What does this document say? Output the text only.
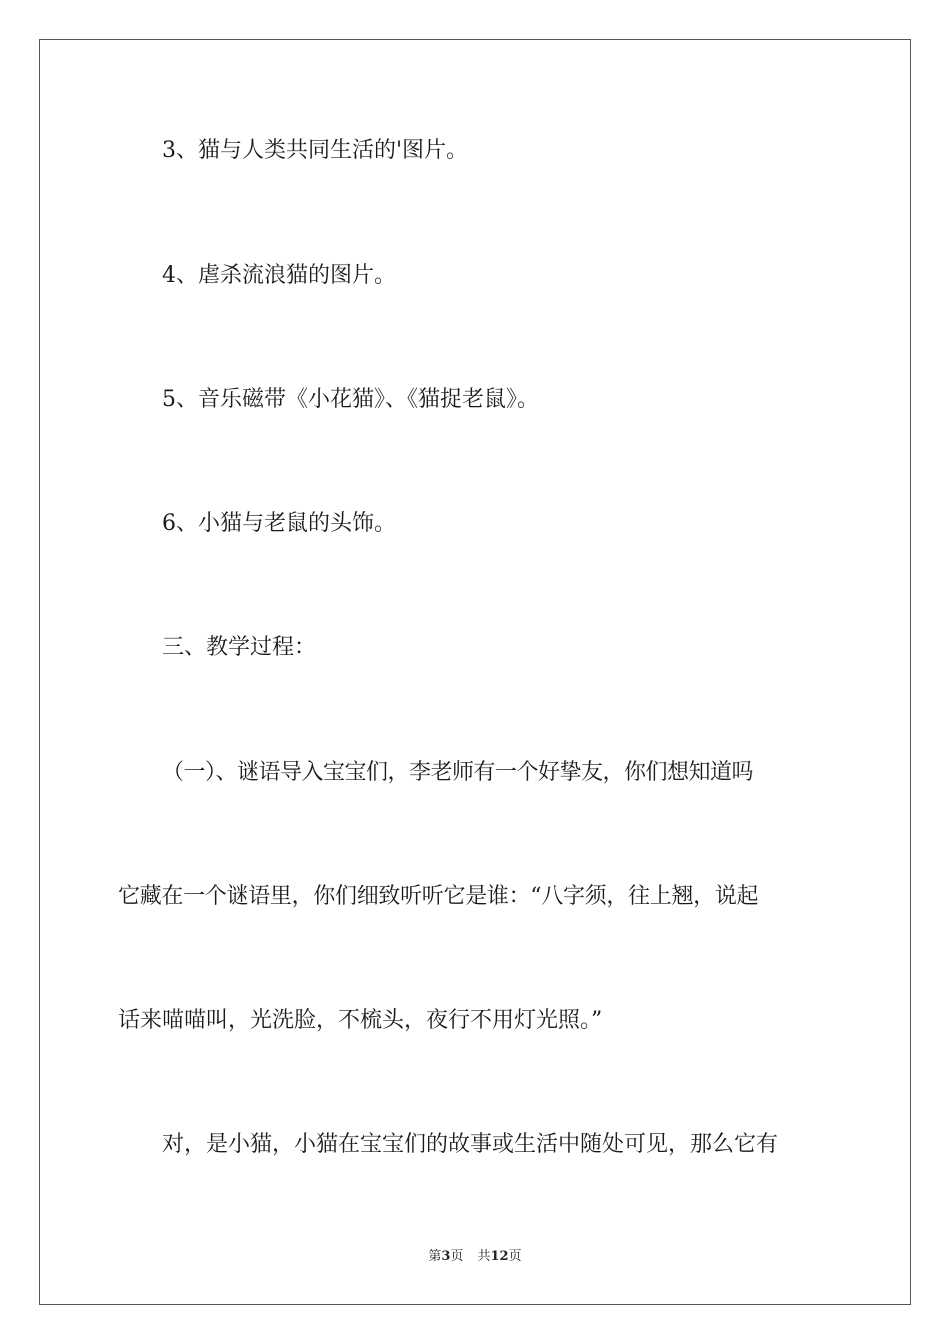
3、猫与人类共同生活的'图片。

4、虐杀流浪猫的图片。

5、音乐磁带《小花猫》、《猫捉老鼠》。

6、小猫与老鼠的头饰。

三、教学过程：

（一）、谜语导入宝宝们，李老师有一个好挚友，你们想知道吗

它藏在一个谜语里，你们细致听听它是谁：“八字须，往上翘，说起

话来喵喵叫，光洗脸，不梳头，夜行不用灯光照。”

对，是小猫，小猫在宝宝们的故事或生活中随处可见，那么它有

第3页 共12页
